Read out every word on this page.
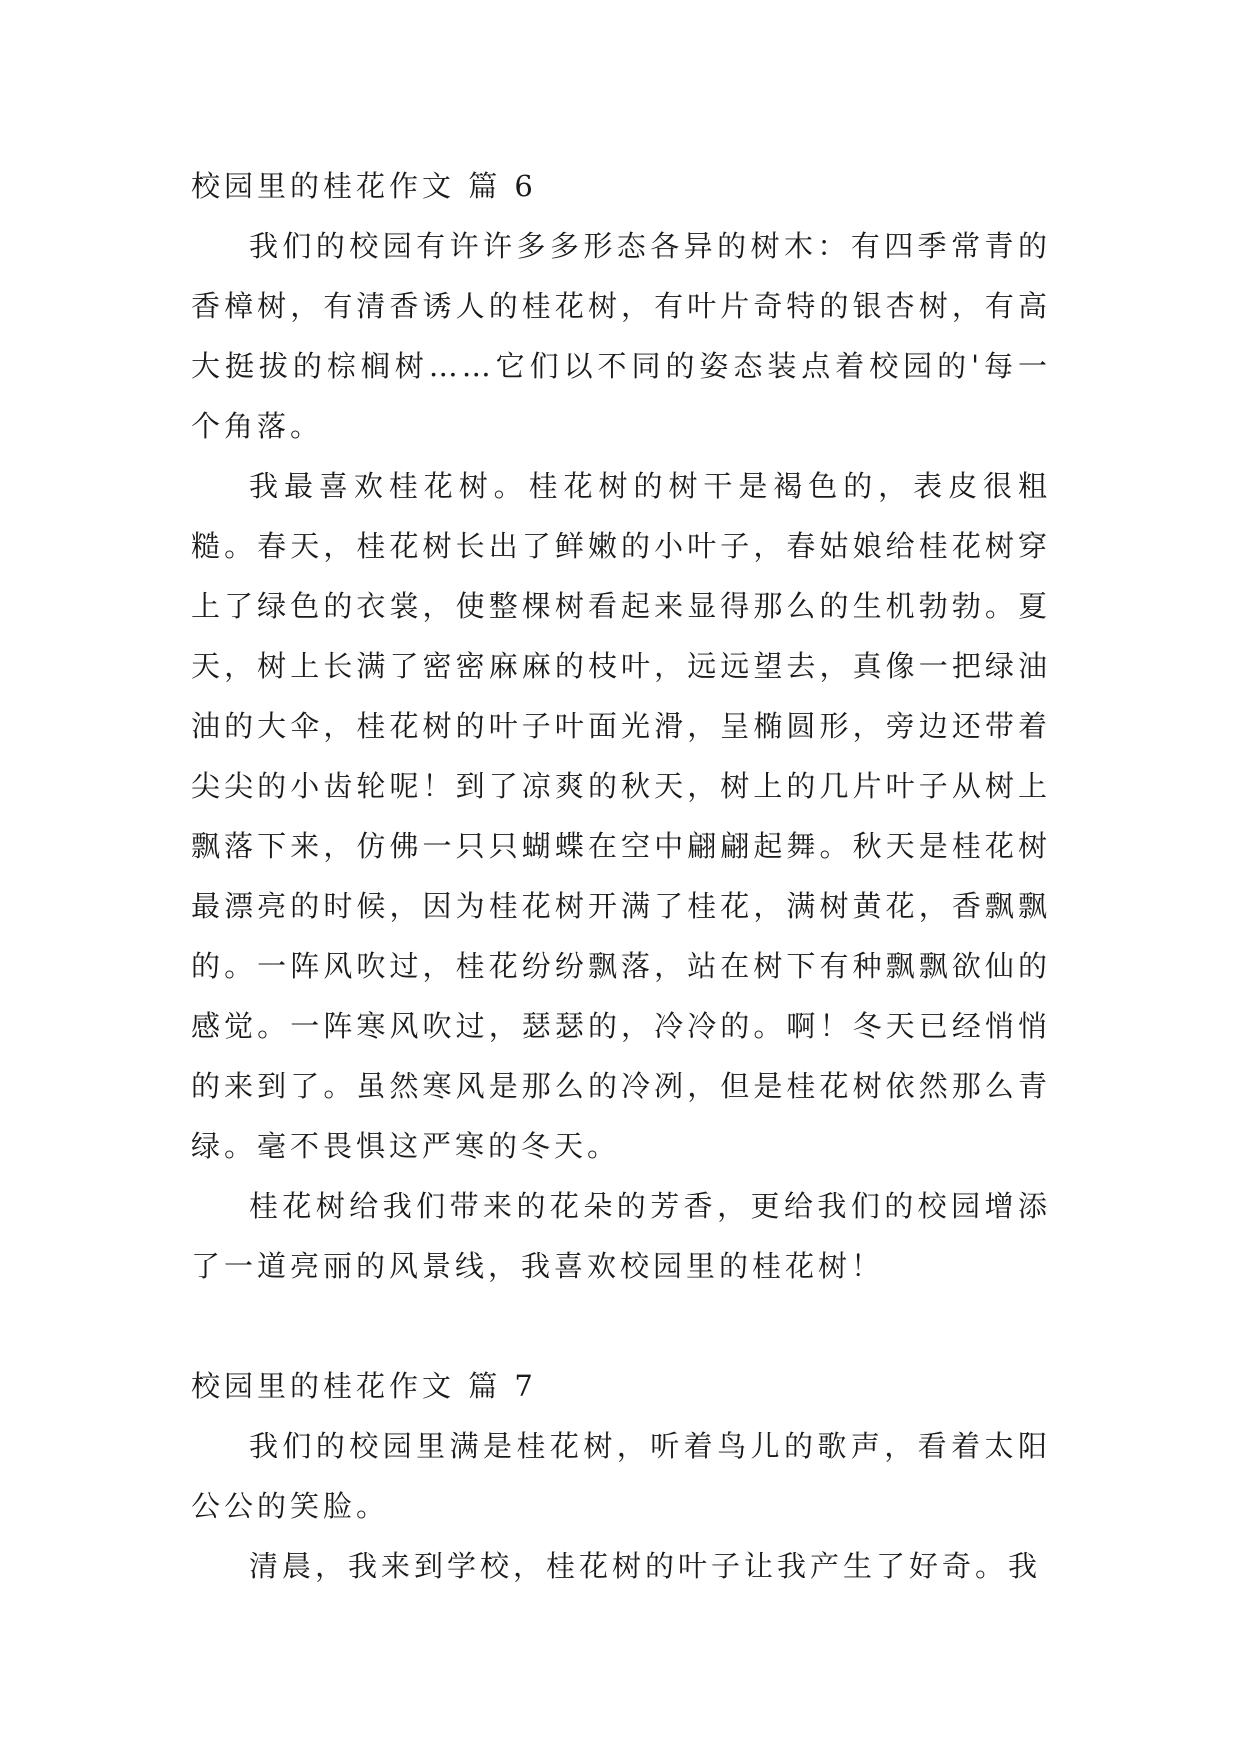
校园里的桂花作文 篇 6

我们的校园有许许多多形态各异的树木：有四季常青的香樟树，有清香诱人的桂花树，有叶片奇特的银杏树，有高大挺拔的棕榈树……它们以不同的姿态装点着校园的'每一个角落。

我最喜欢桂花树。桂花树的树干是褐色的，表皮很粗糙。春天，桂花树长出了鲜嫩的小叶子，春姑娘给桂花树穿上了绿色的衣裳，使整棵树看起来显得那么的生机勃勃。夏天，树上长满了密密麻麻的枝叶，远远望去，真像一把绿油油的大伞，桂花树的叶子叶面光滑，呈椭圆形，旁边还带着尖尖的小齿轮呢！到了凉爽的秋天，树上的几片叶子从树上飘落下来，仿佛一只只蝴蝶在空中翩翩起舞。秋天是桂花树最漂亮的时候，因为桂花树开满了桂花，满树黄花，香飘飘的。一阵风吹过，桂花纷纷飘落，站在树下有种飘飘欲仙的感觉。一阵寒风吹过，瑟瑟的，冷冷的。啊！冬天已经悄悄的来到了。虽然寒风是那么的冷冽，但是桂花树依然那么青绿。毫不畏惧这严寒的冬天。

桂花树给我们带来的花朵的芳香，更给我们的校园增添了一道亮丽的风景线，我喜欢校园里的桂花树！

校园里的桂花作文 篇 7

我们的校园里满是桂花树，听着鸟儿的歌声，看着太阳公公的笑脸。

清晨，我来到学校，桂花树的叶子让我产生了好奇。我
